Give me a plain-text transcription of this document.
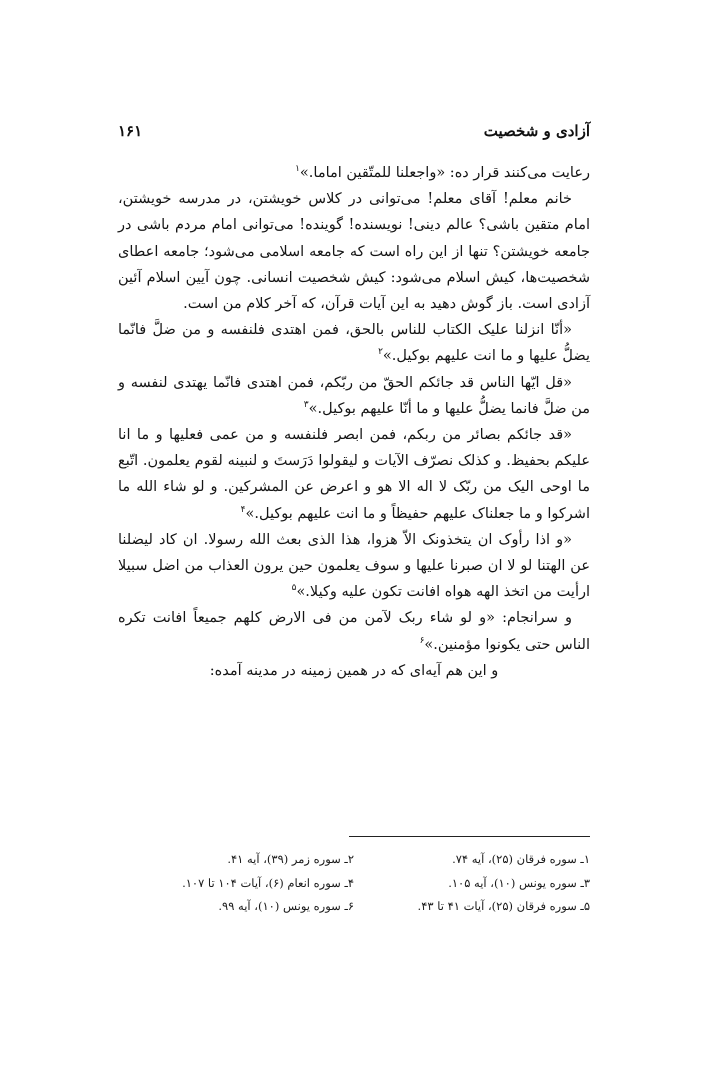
آزادی و شخصیت
۱۶۱

رعایت می‌کنند قرار ده: «واجعلنا للمتّقین اماما.»$^۱$

خانم معلم! آقای معلم! می‌توانی در کلاس خویشتن، در مدرسه خویشتن، امام متقین باشی؟ عالم دینی! نویسنده! گوینده! می‌توانی امام مردم باشی در جامعه خویشتن؟ تنها از این راه است که جامعه اسلامی می‌شود؛ جامعه اعطای شخصیت‌ها، کیش اسلام می‌شود: کیش شخصیت انسانی. چون آیین اسلام آئین آزادی است. باز گوش دهید به این آیات قرآن، که آخر کلام من است.

«أنّا انزلنا علیک الکتاب للناس بالحق، فمن اهتدی فلنفسه و من ضلَّ فانّما یضلُّ علیها و ما انت علیهم بوکیل.»$^۲$

«قل ایّها الناس قد جائکم الحقّ من ربّکم، فمن اهتدی فانّما یهتدی لنفسه و من ضلَّ فانما یضلُّ علیها و ما أنّا علیهم بوکیل.»$^۳$

«قد جائکم بصائر من ربکم، فمن ابصر فلنفسه و من عمی فعلیها و ما انا علیکم بحفیظ. و کذلک نصرّف الآیات و لیقولوا دَرَستَ و لنبینه لقوم یعلمون. اتّبع ما اوحی الیک من ربّک لا اله الا هو و اعرض عن المشرکین. و لو شاء الله ما اشرکوا و ما جعلناک علیهم حفیظاً و ما انت علیهم بوکیل.»$^۴$

«و اذا رأوک ان یتخذونک الاّ هزوا، هذا الذی بعث الله رسولا. ان کاد لیضلنا عن الهتنا لو لا ان صبرنا علیها و سوف یعلمون حین یرون العذاب من اضل سبیلا ارأیت من اتخذ الهه هواه افانت تکون علیه وکیلا.»$^۵$

و سرانجام: «و لو شاء ربک لآمن من فی الارض کلهم جمیعاً افانت تکره الناس حتی یکونوا مؤمنین.»$^۶$

و این هم آیه‌ای که در همین زمینه در مدینه آمده:

۱ـ سوره فرقان (۲۵)، آیه ۷۴.
۲ـ سوره زمر (۳۹)، آیه ۴۱.
۳ـ سوره یونس (۱۰)، آیه ۱۰۵.
۴ـ سوره انعام (۶)، آیات ۱۰۴ تا ۱۰۷.
۵ـ سوره فرقان (۲۵)، آیات ۴۱ تا ۴۳.
۶ـ سوره یونس (۱۰)، آیه ۹۹.
